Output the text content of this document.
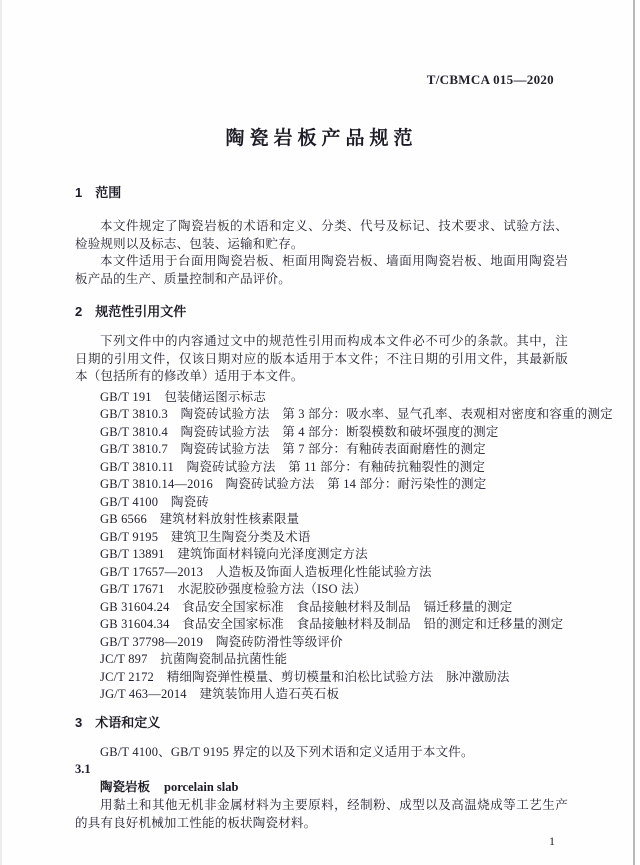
T/CBMCA 015—2020
陶瓷岩板产品规范
1 范围

本文件规定了陶瓷岩板的术语和定义、分类、代号及标记、技术要求、试验方法、检验规则以及标志、包装、运输和贮存。

本文件适用于台面用陶瓷岩板、柜面用陶瓷岩板、墙面用陶瓷岩板、地面用陶瓷岩板产品的生产、质量控制和产品评价。

2 规范性引用文件

下列文件中的内容通过文中的规范性引用而构成本文件必不可少的条款。其中，注日期的引用文件，仅该日期对应的版本适用于本文件；不注日期的引用文件，其最新版本（包括所有的修改单）适用于本文件。

GB/T 191　包装储运图示标志
GB/T 3810.3　陶瓷砖试验方法　第 3 部分：吸水率、显气孔率、表观相对密度和容重的测定
GB/T 3810.4　陶瓷砖试验方法　第 4 部分：断裂模数和破坏强度的测定
GB/T 3810.7　陶瓷砖试验方法　第 7 部分：有釉砖表面耐磨性的测定
GB/T 3810.11　陶瓷砖试验方法　第 11 部分：有釉砖抗釉裂性的测定
GB/T 3810.14—2016　陶瓷砖试验方法　第 14 部分：耐污染性的测定
GB/T 4100　陶瓷砖
GB 6566　建筑材料放射性核素限量
GB/T 9195　建筑卫生陶瓷分类及术语
GB/T 13891　建筑饰面材料镜向光泽度测定方法
GB/T 17657—2013　人造板及饰面人造板理化性能试验方法
GB/T 17671　水泥胶砂强度检验方法（ISO 法）
GB 31604.24　食品安全国家标准　食品接触材料及制品　镉迁移量的测定
GB 31604.34　食品安全国家标准　食品接触材料及制品　铅的测定和迁移量的测定
GB/T 37798—2019　陶瓷砖防滑性等级评价
JC/T 897　抗菌陶瓷制品抗菌性能
JC/T 2172　精细陶瓷弹性模量、剪切模量和泊松比试验方法　脉冲激励法
JG/T 463—2014　建筑装饰用人造石英石板
3 术语和定义

GB/T 4100、GB/T 9195 界定的以及下列术语和定义适用于本文件。

3.1
陶瓷岩板 porcelain slab

用黏土和其他无机非金属材料为主要原料，经制粉、成型以及高温烧成等工艺生产的具有良好机械加工性能的板状陶瓷材料。

1
